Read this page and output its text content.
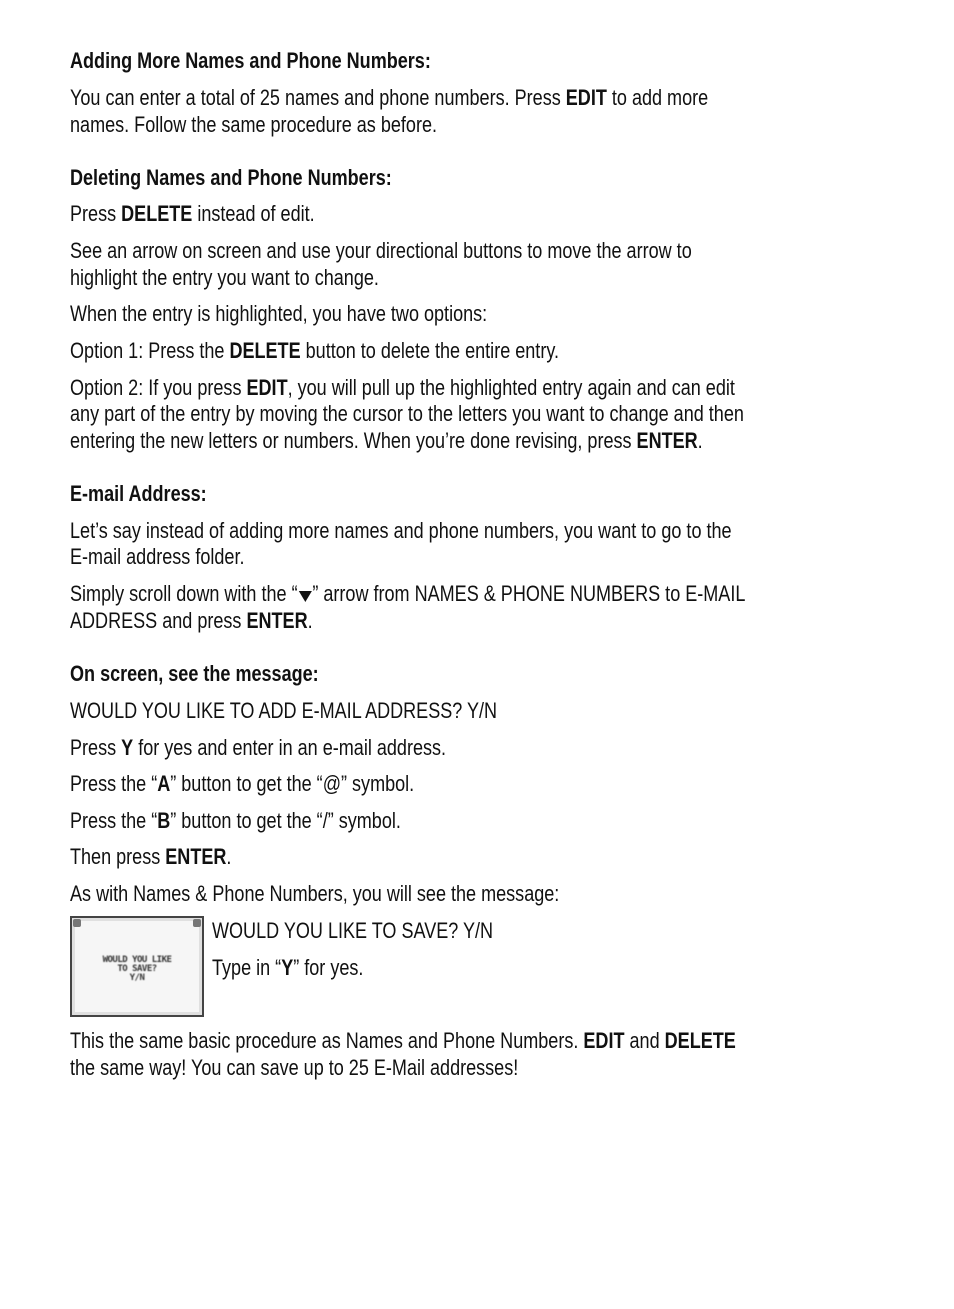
Adding More Names and Phone Numbers:
You can enter a total of 25 names and phone numbers. Press EDIT to add more
names. Follow the same procedure as before.
Deleting Names and Phone Numbers:
Press DELETE instead of edit.
See an arrow on screen and use your directional buttons to move the arrow to
highlight the entry you want to change.
When the entry is highlighted, you have two options:
Option 1: Press the DELETE button to delete the entire entry.
Option 2: If you press EDIT, you will pull up the highlighted entry again and can edit
any part of the entry by moving the cursor to the letters you want to change and then
entering the new letters or numbers. When you’re done revising, press ENTER.
E-mail Address:
Let’s say instead of adding more names and phone numbers, you want to go to the
E-mail address folder.
Simply scroll down with the “ ” arrow from NAMES & PHONE NUMBERS to E-MAIL
ADDRESS and press ENTER.
On screen, see the message:
WOULD YOU LIKE TO ADD E-MAIL ADDRESS? Y/N
Press Y for yes and enter in an e-mail address.
Press the “A” button to get the “@” symbol.
Press the “B” button to get the “/” symbol.
Then press ENTER.
As with Names & Phone Numbers, you will see the message:
WOULD YOU LIKE TO SAVE? Y/N
Type in “Y” for yes.
This the same basic procedure as Names and Phone Numbers. EDIT and DELETE
the same way! You can save up to 25 E-Mail addresses!
WOULD YOU LIKE
TO SAVE?
Y/N
